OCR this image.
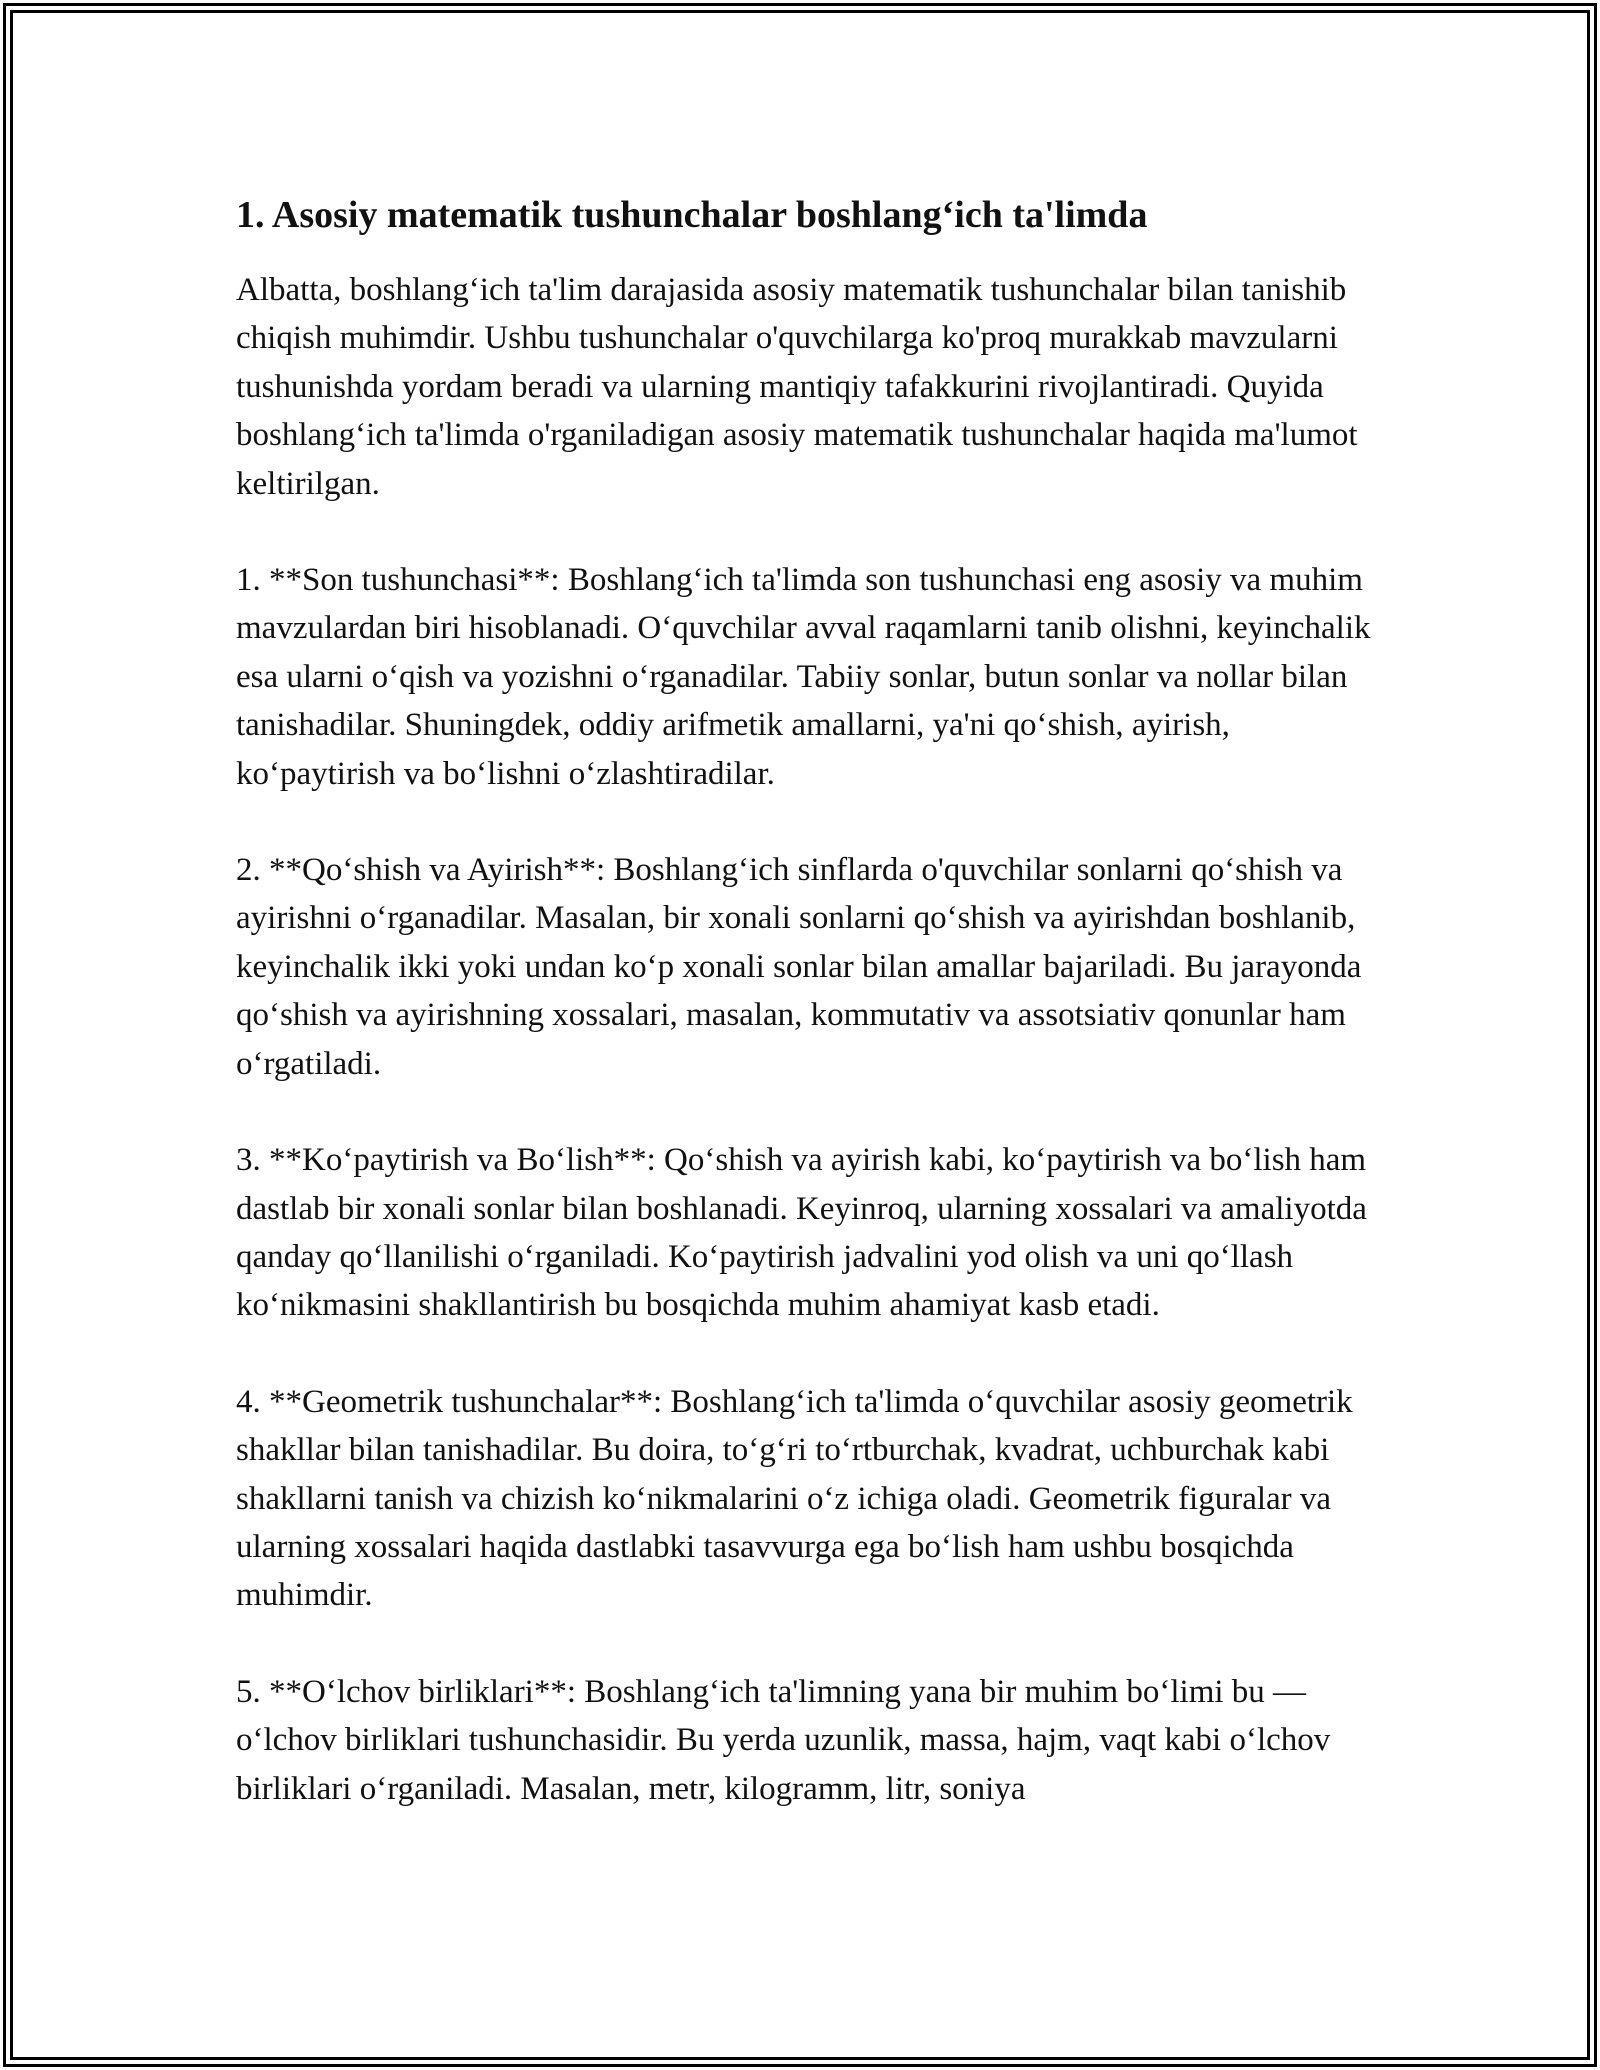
1. Asosiy matematik tushunchalar boshlang‘ich ta'limda

Albatta, boshlang‘ich ta'lim darajasida asosiy matematik tushunchalar bilan tanishib chiqish muhimdir. Ushbu tushunchalar o'quvchilarga ko'proq murakkab mavzularni tushunishda yordam beradi va ularning mantiqiy tafakkurini rivojlantiradi. Quyida boshlang‘ich ta'limda o'rganiladigan asosiy matematik tushunchalar haqida ma'lumot keltirilgan.

1. **Son tushunchasi**: Boshlang‘ich ta'limda son tushunchasi eng asosiy va muhim mavzulardan biri hisoblanadi. O‘quvchilar avval raqamlarni tanib olishni, keyinchalik esa ularni o‘qish va yozishni o‘rganadilar. Tabiiy sonlar, butun sonlar va nollar bilan tanishadilar. Shuningdek, oddiy arifmetik amallarni, ya'ni qo‘shish, ayirish, ko‘paytirish va bo‘lishni o‘zlashtiradilar.

2. **Qo‘shish va Ayirish**: Boshlang‘ich sinflarda o'quvchilar sonlarni qo‘shish va ayirishni o‘rganadilar. Masalan, bir xonali sonlarni qo‘shish va ayirishdan boshlanib, keyinchalik ikki yoki undan ko‘p xonali sonlar bilan amallar bajariladi. Bu jarayonda qo‘shish va ayirishning xossalari, masalan, kommutativ va assotsiativ qonunlar ham o‘rgatiladi.

3. **Ko‘paytirish va Bo‘lish**: Qo‘shish va ayirish kabi, ko‘paytirish va bo‘lish ham dastlab bir xonali sonlar bilan boshlanadi. Keyinroq, ularning xossalari va amaliyotda qanday qo‘llanilishi o‘rganiladi. Ko‘paytirish jadvalini yod olish va uni qo‘llash ko‘nikmasini shakllantirish bu bosqichda muhim ahamiyat kasb etadi.

4. **Geometrik tushunchalar**: Boshlang‘ich ta'limda o‘quvchilar asosiy geometrik shakllar bilan tanishadilar. Bu doira, to‘g‘ri to‘rtburchak, kvadrat, uchburchak kabi shakllarni tanish va chizish ko‘nikmalarini o‘z ichiga oladi. Geometrik figuralar va ularning xossalari haqida dastlabki tasavvurga ega bo‘lish ham ushbu bosqichda muhimdir.

5. **O‘lchov birliklari**: Boshlang‘ich ta'limning yana bir muhim bo‘limi bu — o‘lchov birliklari tushunchasidir. Bu yerda uzunlik, massa, hajm, vaqt kabi o‘lchov birliklari o‘rganiladi. Masalan, metr, kilogramm, litr, soniya
